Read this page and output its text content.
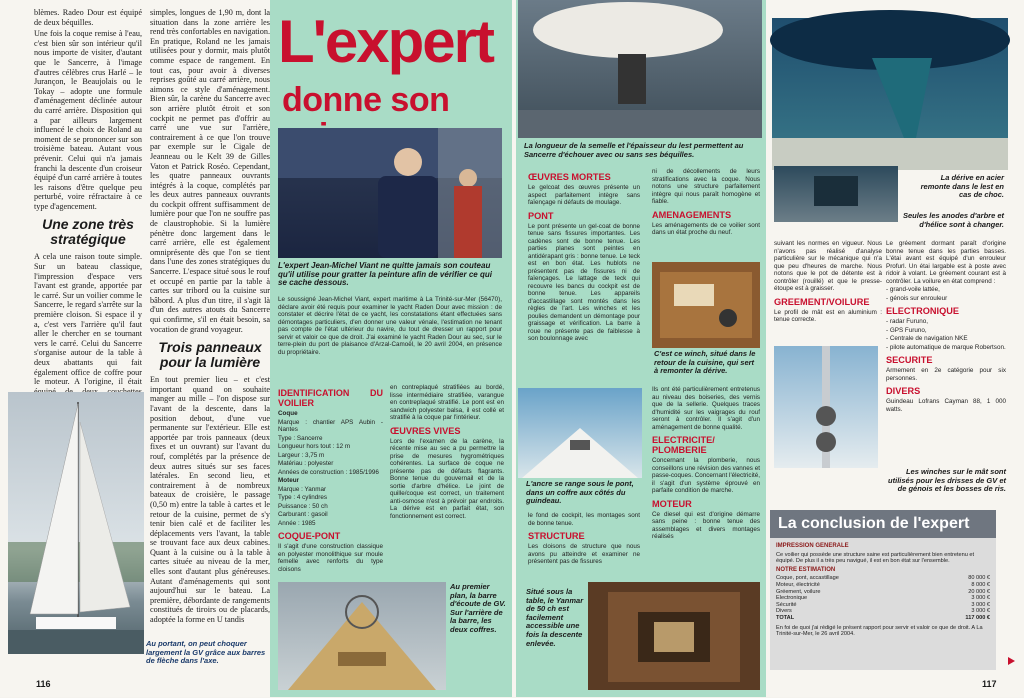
blèmes. Radeo Dour est équipé de deux béquilles.

Une fois la coque remise à l'eau, c'est bien sûr son intérieur qu'il nous importe de visiter, d'autant que le Sancerre, à l'image d'autres célèbres crus Harlé – le Jurançon, le Beaujolais ou le Tokay – adopte une formule d'aménagement déclinée autour du carré arrière. Disposition qui a par ailleurs largement influencé le choix de Roland au moment de se prononcer sur son troisième bateau. Autant vous prévenir. Celui qui n'a jamais franchi la descente d'un croiseur équipé d'un carré arrière à toutes les raisons d'être quelque peu perturbé, voire réfractaire à ce type d'agencement.

Une zone très stratégique

A cela une raison toute simple. Sur un bateau classique, l'impression d'espace vers l'avant est grande, apportée par le carré. Sur un voilier comme le Sancerre, le regard s'arrête sur la première cloison. Si espace il y a, c'est vers l'arrière qu'il faut aller le chercher en se tournant vers le carré. Celui du Sancerre s'organise autour de la table à deux abattants qui fait également office de coffre pour le moteur. A l'origine, il était

simples, longues de 1,90 m, dont la situation dans la zone arrière les rend très confortables en navigation. En pratique, Roland ne les jamais utilisées pour y dormir, mais plutôt comme espace de rangement. En tout cas, pour avoir à diverses reprises goûté au carré arrière, nous aimons ce style d'aménagement. Bien sûr, la carène du Sancerre avec son arrière plutôt étroit et son cockpit ne permet pas d'offrir au carré une vue sur l'arrière, contrairement à ce que l'on trouve par exemple sur le Cigale de Jeanneau ou le Kelt 39 de Gilles Vaton et Patrick Roséo. Cependant, les quatre panneaux ouvrants intégrés à la coque, complétés par les deux autres panneaux ouvrants du cockpit offrent suffisamment de lumière pour que l'on ne souffre pas de claustrophobie. Si la lumière pénètre donc largement dans le carré arrière, elle est également omniprésente dès que l'on se tient dans l'une des zones stratégiques du Sancerre. L'espace situé sous le rouf et occupé en partie par la table à cartes sur tribord ou la cuisine sur bâbord. A plus d'un titre, il s'agit là d'un des autres atouts du Sancerre qui confirme, s'il en était besoin, sa vocation de grand voyageur.

Trois panneaux pour la lumière

En tout premier lieu – et c'est important quand on souhaite manger au mille – l'on dispose sur l'avant de la descente, dans la position debout, d'une vue permanente sur l'extérieur. Elle est apportée par trois panneaux (deux fixes et un ouvrant) sur l'avant du rouf, complétés par la présence de deux autres situés sur ses faces latérales. En second lieu, et contrairement à de nombreux bateaux de croisière, le passage (0,50 m) entre la table à cartes et le retour de la cuisine, permet de s'y tenir bien calé et de faciliter les déplacements vers l'avant, la table se trouvant face aux deux cabines. Quant à la cuisine ou à la table à cartes située au niveau de la mer, elles sont d'autant plus généreuses. Autant d'aménagements qui sont aujourd'hui sur le bateau. La première, débordante de rangements constitués de tiroirs ou de placards, adoptée la forme en U tandis

Au portant, on peut choquer largement la GV grâce aux barres de flèche dans l'axe.
L'expert
donne son
L'expert Jean-Michel Viant ne quitte jamais son couteau qu'il utilise pour gratter la peinture afin de vérifier ce qui se cache dessous.

Le soussigné Jean-Michel Viant, expert maritime à La Trinité-sur-Mer (56470), déclare avoir été requis pour examiner le yacht Raden Dour avec mission : de constater et décrire l'état de ce yacht, les constatations étant effectuées sans démontages particuliers, d'en donner une valeur vénale, l'estimation ne tenant pas compte de l'état ultérieur du navire, du tout de dresser un rapport pour servir et valoir ce que de droit. J'ai examiné le yacht Raden Dour au sec, sur le terre-plein du port de plaisance d'Arzal-Camoël, le 20 avril 2004, en présence du propriétaire.

IDENTIFICATION DU VOILIER

Coque

Marque : chantier APS Aubin - Nantes

Type : Sancerre

Longueur hors tout : 12 m

Largeur : 3,75 m

Matériau : polyester

Années de construction : 1985/1996

Moteur

Marque : Yanmar

Type : 4 cylindres

Puissance : 50 ch

Carburant : gasoil

Année : 1985

COQUE-PONT

Il s'agit d'une construction classique en polyester monolithique sur moule femelle avec renforts du type cloisons

en contreplaqué stratifiées au bordé, lisse intermédiaire stratifiée, varangue en contreplaqué stratifié. Le pont est en sandwich polyester balsa, il est collé et stratifié à la coque par l'intérieur.

ŒUVRES VIVES

Lors de l'examen de la carène, la récente mise au sec a pu permettre la prise de mesures hygrométriques cohérentes. La surface de coque ne présente pas de défauts flagrants. Bonne tenue du gouvernail et de la sortie d'arbre d'hélice. Le joint de quille/coque est correct, un traitement anti-osmose n'est à prévoir par endroits. La dérive est en parfait état, son fonctionnement est correct.

Au premier plan, la barre d'écoute de GV. Sur l'arrière de la barre, les deux coffres.
116
La longueur de la semelle et l'épaisseur du lest permettent au Sancerre d'échouer avec ou sans ses béquilles.
ŒUVRES MORTES

Le gelcoat des œuvres présente un aspect parfaitement intègre sans faïençage ni défauts de moulage.

PONT

Le pont présente un gel-coat de bonne tenue sans fissures importantes. Les cadènes sont de bonne tenue. Les parties planes sont peintes en antidérapant gris : bonne tenue. Le teck est en bon état. Les hublots ne présentent pas de fissures ni de faïençages. Le lattage de teck qui recouvre les bancs du cockpit est de bonne tenue. Les appareils d'accastillage sont montés dans les règles de l'art. Les winches et les poulies demandent un démontage pour graissage et vérification. La barre à roue ne présente pas de faiblesse à son boulonnage avec

L'ancre se range sous le pont, dans un coffre aux côtés du guindeau.

le fond de cockpit, les montages sont de bonne tenue.

STRUCTURE

Les cloisons de structure que nous avons pu atteindre et examiner ne présentent pas de fissures

Situé sous la table, le Yanmar de 50 ch est facilement accessible une fois la descente enlevée.

ni de décollements de leurs stratifications avec la coque. Nous notons une structure parfaitement intègre qui nous paraît homogène et fiable.

AMENAGEMENTS

Les aménagements de ce voilier sont dans un état proche du neuf.

C'est ce winch, situé dans le retour de la cuisine, qui sert à remonter la dérive.

Ils ont été particulièrement entretenus au niveau des boiseries, des vernis que de la sellerie. Quelques traces d'humidité sur les vaigrages du rouf seront à contrôler. Il s'agit d'un aménagement de bonne qualité.

ELECTRICITE/ PLOMBERIE

Concernant la plomberie, nous conseillons une révision des vannes et passe-coques. Concernant l'électricité, il s'agit d'un système éprouvé en parfaite condition de marche.

MOTEUR

Ce diesel qui est d'origine démarre sans peine : bonne tenue des assemblages et divers montages réalisés

La dérive en acier remonte dans le lest en cas de choc.
Seules les anodes d'arbre et d'hélice sont à changer.

suivant les normes en vigueur. Nous n'avons pas réalisé d'analyse particulière sur le mécanique qui n'a que peu d'heures de marche. Nous notons que le pot de détente est à contrôler (rouillé) et que le presse-étoupe est à graisser.

GREEMENT/VOILURE

Le profil de mât est en aluminium : tenue correcte.

Le gréement dormant paraît d'origine bonne tenue dans les parties basses. L'étai avant est équipé d'un enrouleur Profurl. Un étai largable est à poste avec ridoir à volant. Le gréement courant est à contrôler. La voilure en état comprend :

- grand-voile lattée,

- génois sur enrouleur

ELECTRONIQUE

- radar Furuno,

- GPS Furuno,

- Centrale de navigation NKE

- pilote automatique de marque Robertson.

SECURITE

Armement en 2e catégorie pour six personnes.

DIVERS

Guindeau Lofrans Cayman 88, 1 000 watts.

Les winches sur le mât sont utilisés pour les drisses de GV et de génois et les bosses de ris.
117
La conclusion de l'expert
IMPRESSION GENERALE

Ce voilier qui possède une structure saine est particulièrement bien entretenu et équipé. De plus il a très peu navigué, il est en bon état sur l'ensemble.

NOTRE ESTIMATION
Coque, pont, accastillage	80 000 €
Moteur, électricité	8 000 €
Gréement, voilure	20 000 €
Electronique	3 000 €
Sécurité	3 000 €
Divers	3 000 €
TOTAL	117 000 €

En foi de quoi j'ai rédigé le présent rapport pour servir et valoir ce que de droit. A La Trinité-sur-Mer, le 26 avril 2004.
